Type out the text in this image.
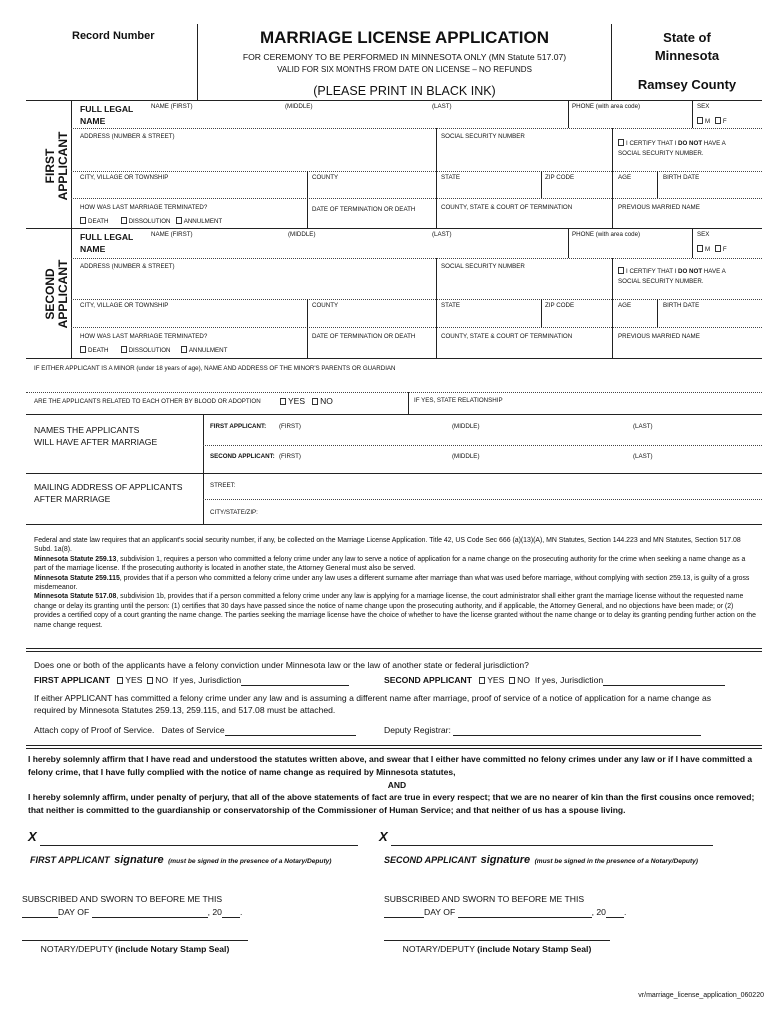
Record Number	MARRIAGE LICENSE APPLICATION
FOR CEREMONY TO BE PERFORMED IN MINNESOTA ONLY (MN Statute 517.07)
VALID FOR SIX MONTHS FROM DATE ON LICENSE – NO REFUNDS
(PLEASE PRINT IN BLACK INK)
State of
Minnesota
Ramsey County
FIRST
APPLICANT
FULL LEGAL
NAME
NAME (FIRST)	(MIDDLE)	(LAST)	PHONE (with area code)	SEX
M F
ADDRESS (NUMBER & STREET)	SOCIAL SECURITY NUMBER
I CERTIFY THAT I DO NOT HAVE A
SOCIAL SECURITY NUMBER.
CITY, VILLAGE OR TOWNSHIP	COUNTY	STATE	ZIP CODE	AGE	BIRTH DATE
HOW WAS LAST MARRIAGE TERMINATED?
DEATH	DISSOLUTION ANNULMENT
DATE OF TERMINATION OR DEATH	COUNTY, STATE & COURT OF TERMINATION	PREVIOUS MARRIED NAME
SECOND
APPLICANT
FULL LEGAL
NAME
NAME (FIRST)	(MIDDLE)	(LAST)	PHONE (with area code)	SEX
M F
ADDRESS (NUMBER & STREET)	SOCIAL SECURITY NUMBER
I CERTIFY THAT I DO NOT HAVE A
SOCIAL SECURITY NUMBER.
CITY, VILLAGE OR TOWNSHIP	COUNTY	STATE	ZIP CODE	AGE	BIRTH DATE
HOW WAS LAST MARRIAGE TERMINATED?
DEATH	DISSOLUTION	ANNULMENT
DATE OF TERMINATION OR DEATH	COUNTY, STATE & COURT OF TERMINATION	PREVIOUS MARRIED NAME
IF EITHER APPLICANT IS A MINOR (under 18 years of age), NAME AND ADDRESS OF THE MINOR'S PARENTS OR GUARDIAN
ARE THE APPLICANTS RELATED TO EACH OTHER BY BLOOD OR ADOPTION	YES NO	IF YES, STATE RELATIONSHIP
NAMES THE APPLICANTS
WILL HAVE AFTER MARRIAGE
FIRST APPLICANT: (FIRST)	(MIDDLE)	(LAST)
SECOND APPLICANT: (FIRST)	(MIDDLE)	(LAST)
MAILING ADDRESS OF APPLICANTS
AFTER MARRIAGE
STREET:
CITY/STATE/ZIP:
Federal and state law requires that an applicant's social security number, if any, be collected on the Marriage License Application. Title 42, US Code Sec 666 (a)(13)(A), MN Statutes, Section 144.223 and MN Statutes, Section 517.08 Subd. 1a(8).
Minnesota Statute 259.13, subdivision 1, requires a person who committed a felony crime under any law to serve a notice of application for a name change on the prosecuting authority for the crime when seeking a name change as a part of the marriage license. If the prosecuting authority is located in another state, the Attorney General must also be served.
Minnesota Statute 259.115, provides that if a person who committed a felony crime under any law uses a different surname after marriage than what was used before marriage, without complying with section 259.13, is guilty of a gross misdemeanor.
Minnesota Statute 517.08, subdivision 1b, provides that if a person committed a felony crime under any law is applying for a marriage license, the court administrator shall either grant the marriage license without the requested name change or delay its granting until the person: (1) certifies that 30 days have passed since the notice of name change upon the prosecuting authority, and if applicable, the Attorney General, and no objections have been made; or (2) provides a certified copy of a court granting the name change. The parties seeking the marriage license have the choice of whether to have the license granted without the name change or to delay its granting pending further action on the name change request.
Does one or both of the applicants have a felony conviction under Minnesota law or the law of another state or federal jurisdiction?
FIRST APPLICANT YES NO If yes, Jurisdiction	SECOND APPLICANT YES NO If yes, Jurisdiction
If either APPLICANT has committed a felony crime under any law and is assuming a different name after marriage, proof of service of a notice of application for a name change as required by Minnesota Statutes 259.13, 259.115, and 517.08 must be attached.
Attach copy of Proof of Service. Dates of Service	Deputy Registrar:
I hereby solemnly affirm that I have read and understood the statutes written above, and swear that I either have committed no felony crimes under any law or if I have committed a felony crime, that I have fully complied with the notice of name change as required by Minnesota statutes,
AND
I hereby solemnly affirm, under penalty of perjury, that all of the above statements of fact are true in every respect; that we are no nearer of kin than the first cousins once removed; that neither is committed to the guardianship or conservatorship of the Commissioner of Human Service; and that neither of us has a spouse living.
X
FIRST APPLICANT signature (must be signed in the presence of a Notary/Deputy)
X
SECOND APPLICANT signature (must be signed in the presence of a Notary/Deputy)
SUBSCRIBED AND SWORN TO BEFORE ME THIS
DAY OF	, 20 .
SUBSCRIBED AND SWORN TO BEFORE ME THIS
DAY OF	, 20 .
NOTARY/DEPUTY (include Notary Stamp Seal)	NOTARY/DEPUTY (include Notary Stamp Seal)
vr/marriage_license_application_060220
